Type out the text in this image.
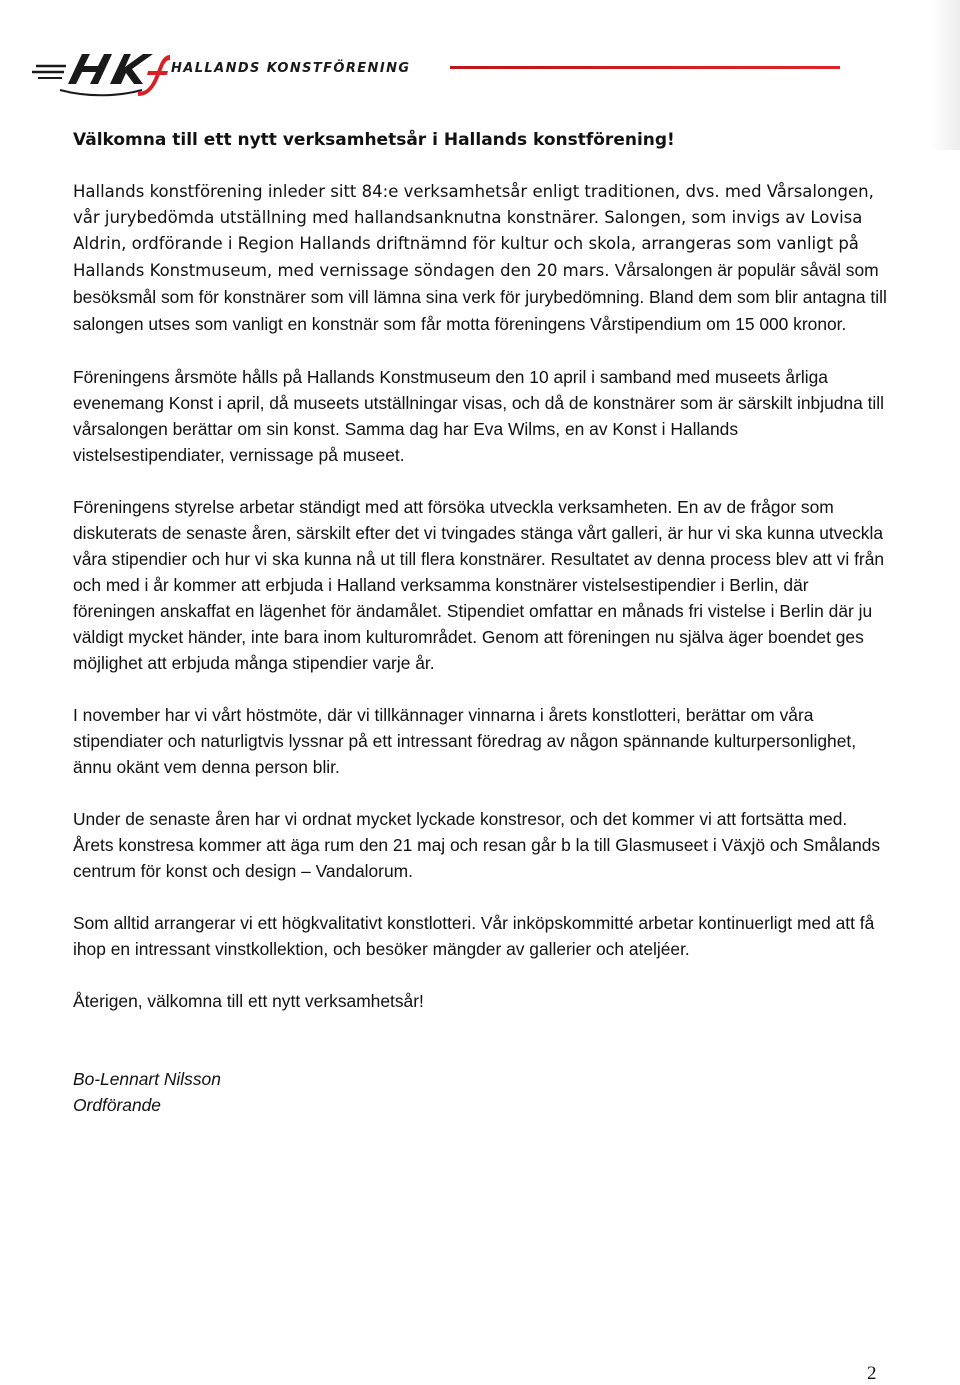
HALLANDS KONSTFÖRENING

Välkomna till ett nytt verksamhetsår i Hallands konstförening!

Hallands konstförening inleder sitt 84:e verksamhetsår enligt traditionen, dvs. med Vårsalongen, vår jurybedömda utställning med hallandsanknutna konstnärer. Salongen, som invigs av Lovisa Aldrin, ordförande i Region Hallands driftnämnd för kultur och skola, arrangeras som vanligt på Hallands Konstmuseum, med vernissage söndagen den 20 mars. Vårsalongen är populär såväl som besöksmål som för konstnärer som vill lämna sina verk för jurybedömning. Bland dem som blir antagna till salongen utses som vanligt en konstnär som får motta föreningens Vårstipendium om 15 000 kronor.

Föreningens årsmöte hålls på Hallands Konstmuseum den 10 april i samband med museets årliga evenemang Konst i april, då museets utställningar visas, och då de konstnärer som är särskilt inbjudna till vårsalongen berättar om sin konst. Samma dag har Eva Wilms, en av Konst i Hallands vistelsestipendiater, vernissage på museet.

Föreningens styrelse arbetar ständigt med att försöka utveckla verksamheten. En av de frågor som diskuterats de senaste åren, särskilt efter det vi tvingades stänga vårt galleri, är hur vi ska kunna utveckla våra stipendier och hur vi ska kunna nå ut till flera konstnärer. Resultatet av denna process blev att vi från och med i år kommer att erbjuda i Halland verksamma konstnärer vistelsestipendier i Berlin, där föreningen anskaffat en lägenhet för ändamålet. Stipendiet omfattar en månads fri vistelse i Berlin där ju väldigt mycket händer, inte bara inom kulturområdet. Genom att föreningen nu själva äger boendet ges möjlighet att erbjuda många stipendier varje år.

I november har vi vårt höstmöte, där vi tillkännager vinnarna i årets konstlotteri, berättar om våra stipendiater och naturligtvis lyssnar på ett intressant föredrag av någon spännande kulturpersonlighet, ännu okänt vem denna person blir.

Under de senaste åren har vi ordnat mycket lyckade konstresor, och det kommer vi att fortsätta med. Årets konstresa kommer att äga rum den 21 maj och resan går b la till Glasmuseet i Växjö och Smålands centrum för konst och design – Vandalorum.

Som alltid arrangerar vi ett högkvalitativt konstlotteri. Vår inköpskommitté arbetar kontinuerligt med att få ihop en intressant vinstkollektion, och besöker mängder av gallerier och ateljéer.

Återigen, välkomna till ett nytt verksamhetsår!

Bo-Lennart Nilsson

Ordförande

2
